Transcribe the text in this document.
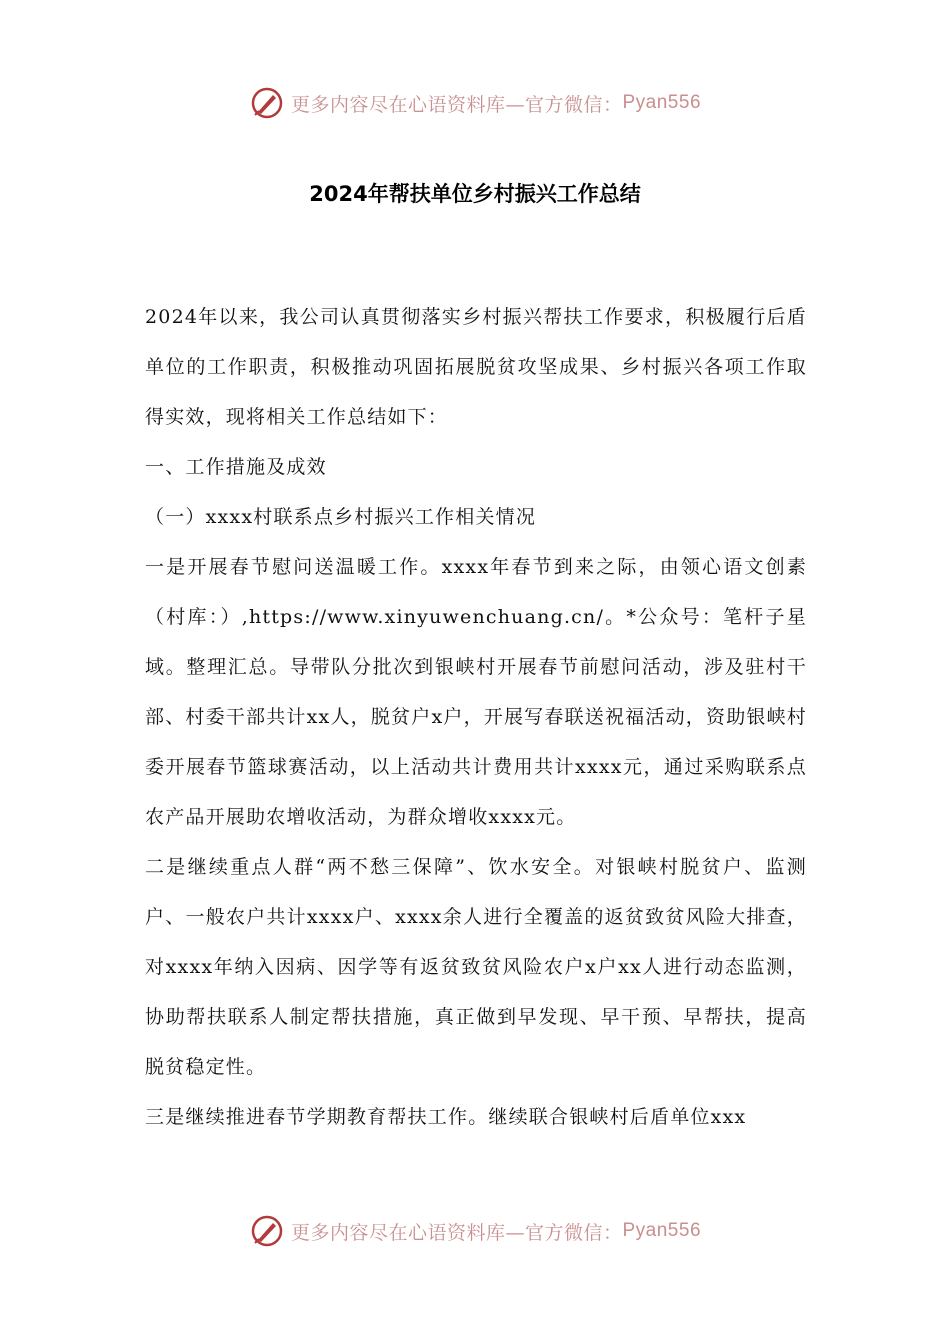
更多内容尽在心语资料库—官方微信： Pyan556
2024年帮扶单位乡村振兴工作总结

2024年以来，我公司认真贯彻落实乡村振兴帮扶工作要求，积极履行后盾单位的工作职责，积极推动巩固拓展脱贫攻坚成果、乡村振兴各项工作取得实效，现将相关工作总结如下：

一、工作措施及成效

（一）xxxx村联系点乡村振兴工作相关情况

一是开展春节慰问送温暖工作。xxxx年春节到来之际，由领心语文创素（村库：）,https://www.xinyuwenchuang.cn/。*公众号：笔杆子星域。整理汇总。导带队分批次到银峡村开展春节前慰问活动，涉及驻村干部、村委干部共计xx人，脱贫户x户，开展写春联送祝福活动，资助银峡村委开展春节篮球赛活动，以上活动共计费用共计xxxx元，通过采购联系点农产品开展助农增收活动，为群众增收xxxx元。

二是继续重点人群“两不愁三保障”、饮水安全。对银峡村脱贫户、监测户、一般农户共计xxxx户、xxxx余人进行全覆盖的返贫致贫风险大排查，对xxxx年纳入因病、因学等有返贫致贫风险农户x户xx人进行动态监测，协助帮扶联系人制定帮扶措施，真正做到早发现、早干预、早帮扶，提高脱贫稳定性。

三是继续推进春节学期教育帮扶工作。继续联合银峡村后盾单位xxx

更多内容尽在心语资料库—官方微信： Pyan556
